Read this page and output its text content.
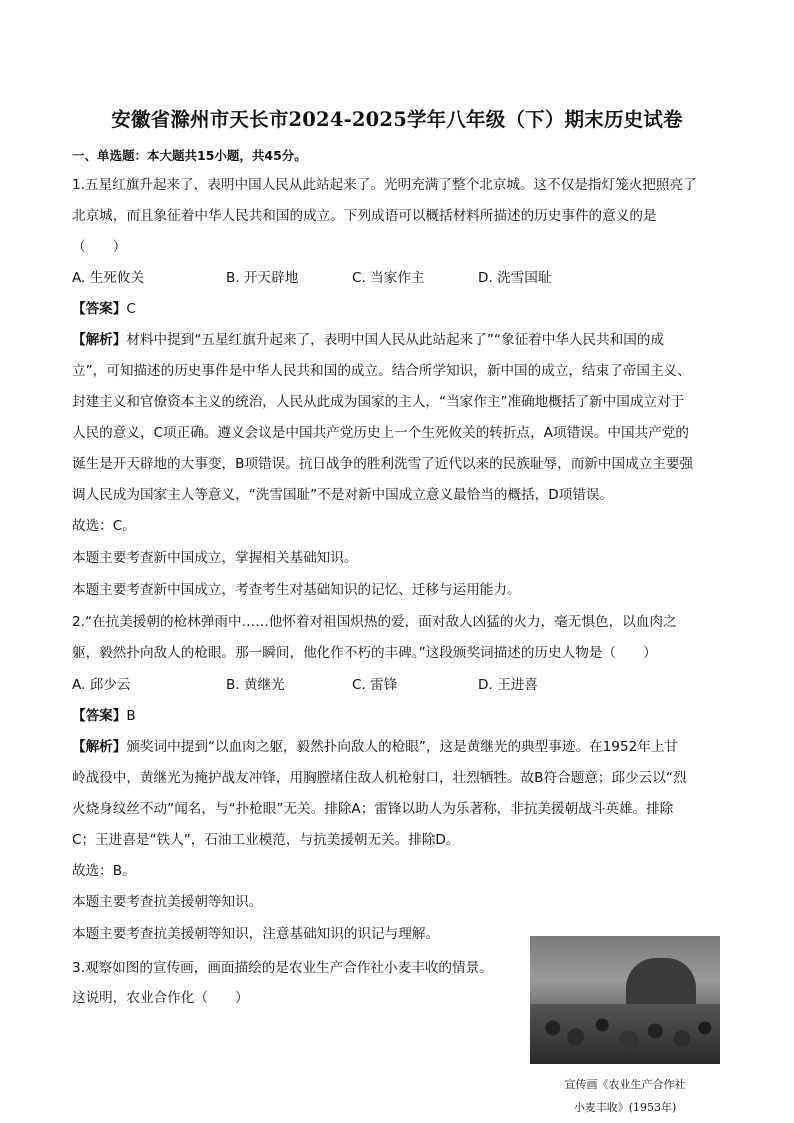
安徽省滁州市天长市2024-2025学年八年级（下）期末历史试卷
一、单选题：本大题共15小题，共45分。
1.五星红旗升起来了，表明中国人民从此站起来了。光明充满了整个北京城。这不仅是指灯笼火把照亮了
北京城，而且象征着中华人民共和国的成立。下列成语可以概括材料所描述的历史事件的意义的是
（　　）
A. 生死攸关	B. 开天辟地	C. 当家作主	D. 洗雪国耻
【答案】C
【解析】材料中提到“五星红旗升起来了，表明中国人民从此站起来了”“象征着中华人民共和国的成
立”，可知描述的历史事件是中华人民共和国的成立。结合所学知识，新中国的成立，结束了帝国主义、
封建主义和官僚资本主义的统治，人民从此成为国家的主人，“当家作主”准确地概括了新中国成立对于
人民的意义，C项正确。遵义会议是中国共产党历史上一个生死攸关的转折点，A项错误。中国共产党的
诞生是开天辟地的大事变，B项错误。抗日战争的胜利洗雪了近代以来的民族耻辱，而新中国成立主要强
调人民成为国家主人等意义，“洗雪国耻”不是对新中国成立意义最恰当的概括，D项错误。
故选：C。
本题主要考查新中国成立，掌握相关基础知识。
本题主要考查新中国成立，考查考生对基础知识的记忆、迁移与运用能力。
2.“在抗美援朝的枪林弹雨中……他怀着对祖国炽热的爱，面对敌人凶猛的火力，毫无惧色，以血肉之
躯，毅然扑向敌人的枪眼。那一瞬间，他化作不朽的丰碑。”这段颁奖词描述的历史人物是（　　）
A. 邱少云	B. 黄继光	C. 雷锋	D. 王进喜
【答案】B
【解析】颁奖词中提到“以血肉之躯，毅然扑向敌人的枪眼”，这是黄继光的典型事迹。在1952年上甘
岭战役中，黄继光为掩护战友冲锋，用胸膛堵住敌人机枪射口，壮烈牺牲。故B符合题意；邱少云以“烈
火烧身纹丝不动”闻名，与“扑枪眼”无关。排除A；雷锋以助人为乐著称，非抗美援朝战斗英雄。排除
C；王进喜是“铁人”，石油工业模范，与抗美援朝无关。排除D。
故选：B。
本题主要考查抗美援朝等知识。
本题主要考查抗美援朝等知识，注意基础知识的识记与理解。
3.观察如图的宣传画，画面描绘的是农业生产合作社小麦丰收的情景。
这说明，农业合作化（　　）
宣传画《农业生产合作社
小麦丰收》(1953年)
